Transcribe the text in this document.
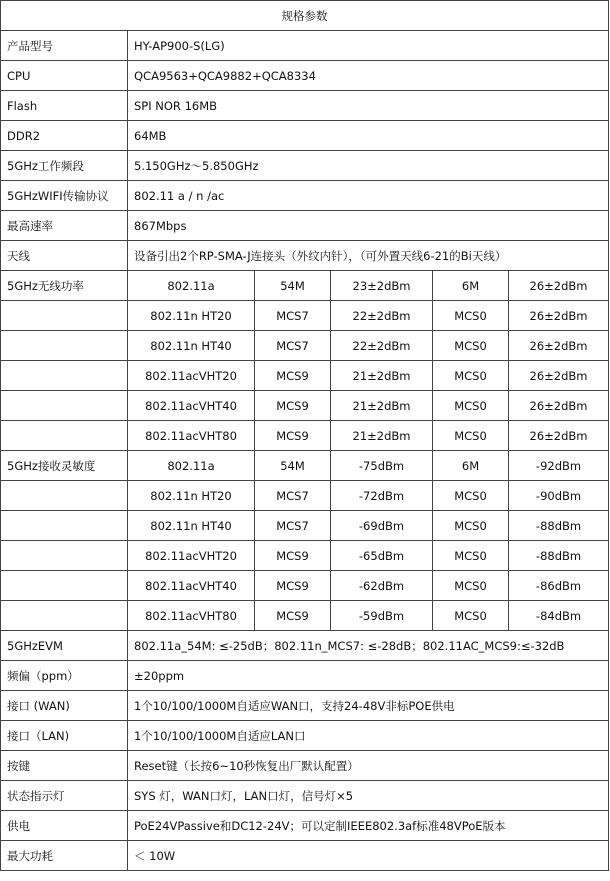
规格参数					
产品型号	HY-AP900-S(LG)				
CPU	QCA9563+QCA9882+QCA8334				
Flash	SPI NOR 16MB				
DDR2	64MB				
5GHz工作频段	5.150GHz～5.850GHz				
5GHzWIFI传输协议	802.11 a / n /ac				
最高速率	867Mbps				
天线	设备引出2个RP-SMA-J连接头（外纹内针），（可外置天线6-21的Bi天线）				
5GHz无线功率	802.11a	54M	23±2dBm	6M	26±2dBm
	802.11n HT20	MCS7	22±2dBm	MCS0	26±2dBm
	802.11n HT40	MCS7	22±2dBm	MCS0	26±2dBm
	802.11acVHT20	MCS9	21±2dBm	MCS0	26±2dBm
	802.11acVHT40	MCS9	21±2dBm	MCS0	26±2dBm
	802.11acVHT80	MCS9	21±2dBm	MCS0	26±2dBm
5GHz接收灵敏度	802.11a	54M	-75dBm	6M	-92dBm
	802.11n HT20	MCS7	-72dBm	MCS0	-90dBm
	802.11n HT40	MCS7	-69dBm	MCS0	-88dBm
	802.11acVHT20	MCS9	-65dBm	MCS0	-88dBm
	802.11acVHT40	MCS9	-62dBm	MCS0	-86dBm
	802.11acVHT80	MCS9	-59dBm	MCS0	-84dBm
5GHzEVM	802.11a_54M: ≤-25dB；802.11n_MCS7: ≤-28dB；802.11AC_MCS9:≤-32dB				
频偏（ppm）	±20ppm				
接口 (WAN)	1个10/100/1000M自适应WAN口，支持24-48V非标POE供电				
接口（LAN)	1个10/100/1000M自适应LAN口				
按键	Reset键（长按6~10秒恢复出厂默认配置）				
状态指示灯	SYS 灯，WAN口灯，LAN口灯，信号灯×5				
供电	PoE24VPassive和DC12-24V；可以定制IEEE802.3af标准48VPoE版本				
最大功耗	＜ 10W				
